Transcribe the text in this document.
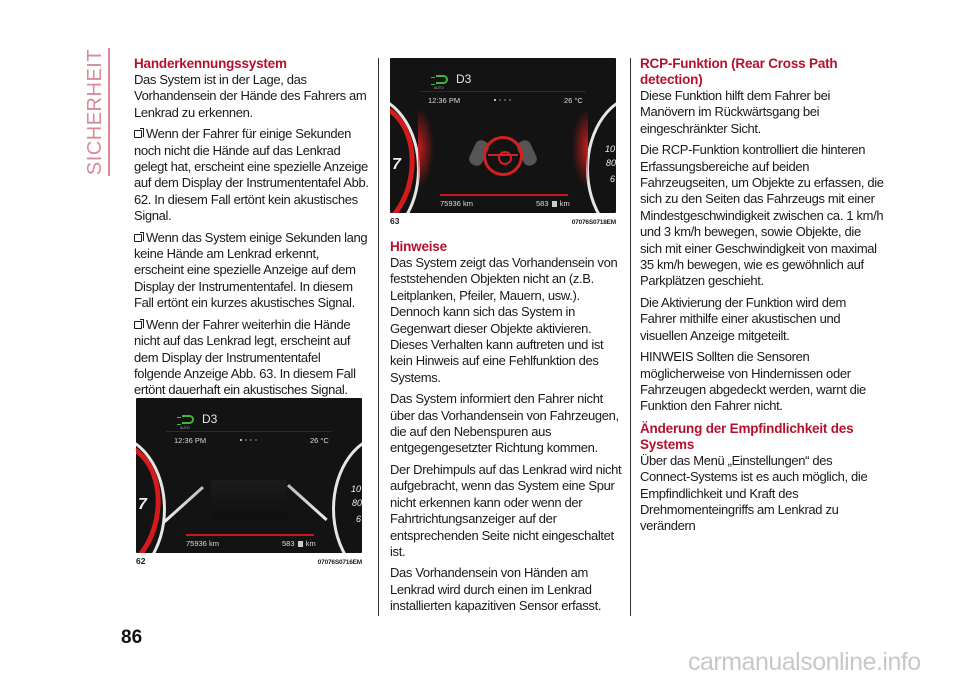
SICHERHEIT Handerkennungssystem

Das System ist in der Lage, das Vorhandensein der Hände des Fahrers am Lenkrad zu erkennen.

Wenn der Fahrer für einige Sekunden noch nicht die Hände auf das Lenkrad gelegt hat, erscheint eine spezielle Anzeige auf dem Display der Instrumententafel Abb. 62. In diesem Fall ertönt kein akustisches Signal.

Wenn das System einige Sekunden lang keine Hände am Lenkrad erkennt, erscheint eine spezielle Anzeige auf dem Display der Instrumententafel. In diesem Fall ertönt ein kurzes akustisches Signal.

Wenn der Fahrer weiterhin die Hände nicht auf das Lenkrad legt, erscheint auf dem Display der Instrumententafel folgende Anzeige Abb. 63. In diesem Fall ertönt dauerhaft ein akustisches Signal.

7
10
80
6
AUTO
D3
12:36 PM	26 °C
75936 km	583 km
62	07076S0716EM
7
10
80
6
AUTO
D3
12:36 PM	26 °C
75936 km	583 km
63	07076S0718EM
Hinweise

Das System zeigt das Vorhandensein von feststehenden Objekten nicht an (z.B. Leitplanken, Pfeiler, Mauern, usw.). Dennoch kann sich das System in Gegenwart dieser Objekte aktivieren. Dieses Verhalten kann auftreten und ist kein Hinweis auf eine Fehlfunktion des Systems.

Das System informiert den Fahrer nicht über das Vorhandensein von Fahrzeugen, die auf den Nebenspuren aus entgegengesetzter Richtung kommen.

Der Drehimpuls auf das Lenkrad wird nicht aufgebracht, wenn das System eine Spur nicht erkennen kann oder wenn der Fahrtrichtungsanzeiger auf der entsprechenden Seite nicht eingeschaltet ist.

Das Vorhandensein von Händen am Lenkrad wird durch einen im Lenkrad installierten kapazitiven Sensor erfasst.

RCP-Funktion (Rear Cross Path detection)

Diese Funktion hilft dem Fahrer bei Manövern im Rückwärtsgang bei eingeschränkter Sicht.

Die RCP-Funktion kontrolliert die hinteren Erfassungsbereiche auf beiden Fahrzeugseiten, um Objekte zu erfassen, die sich zu den Seiten das Fahrzeugs mit einer Mindestgeschwindigkeit zwischen ca. 1 km/h und 3 km/h bewegen, sowie Objekte, die sich mit einer Geschwindigkeit von maximal 35 km/h bewegen, wie es gewöhnlich auf Parkplätzen geschieht.

Die Aktivierung der Funktion wird dem Fahrer mithilfe einer akustischen und visuellen Anzeige mitgeteilt.

HINWEIS Sollten die Sensoren möglicherweise von Hindernissen oder Fahrzeugen abgedeckt werden, warnt die Funktion den Fahrer nicht.

Änderung der Empfindlichkeit des Systems

Über das Menü „Einstellungen“ des Connect-Systems ist es auch möglich, die Empfindlichkeit und Kraft des Drehmomenteingriffs am Lenkrad zu verändern

86
carmanualsonline.info
